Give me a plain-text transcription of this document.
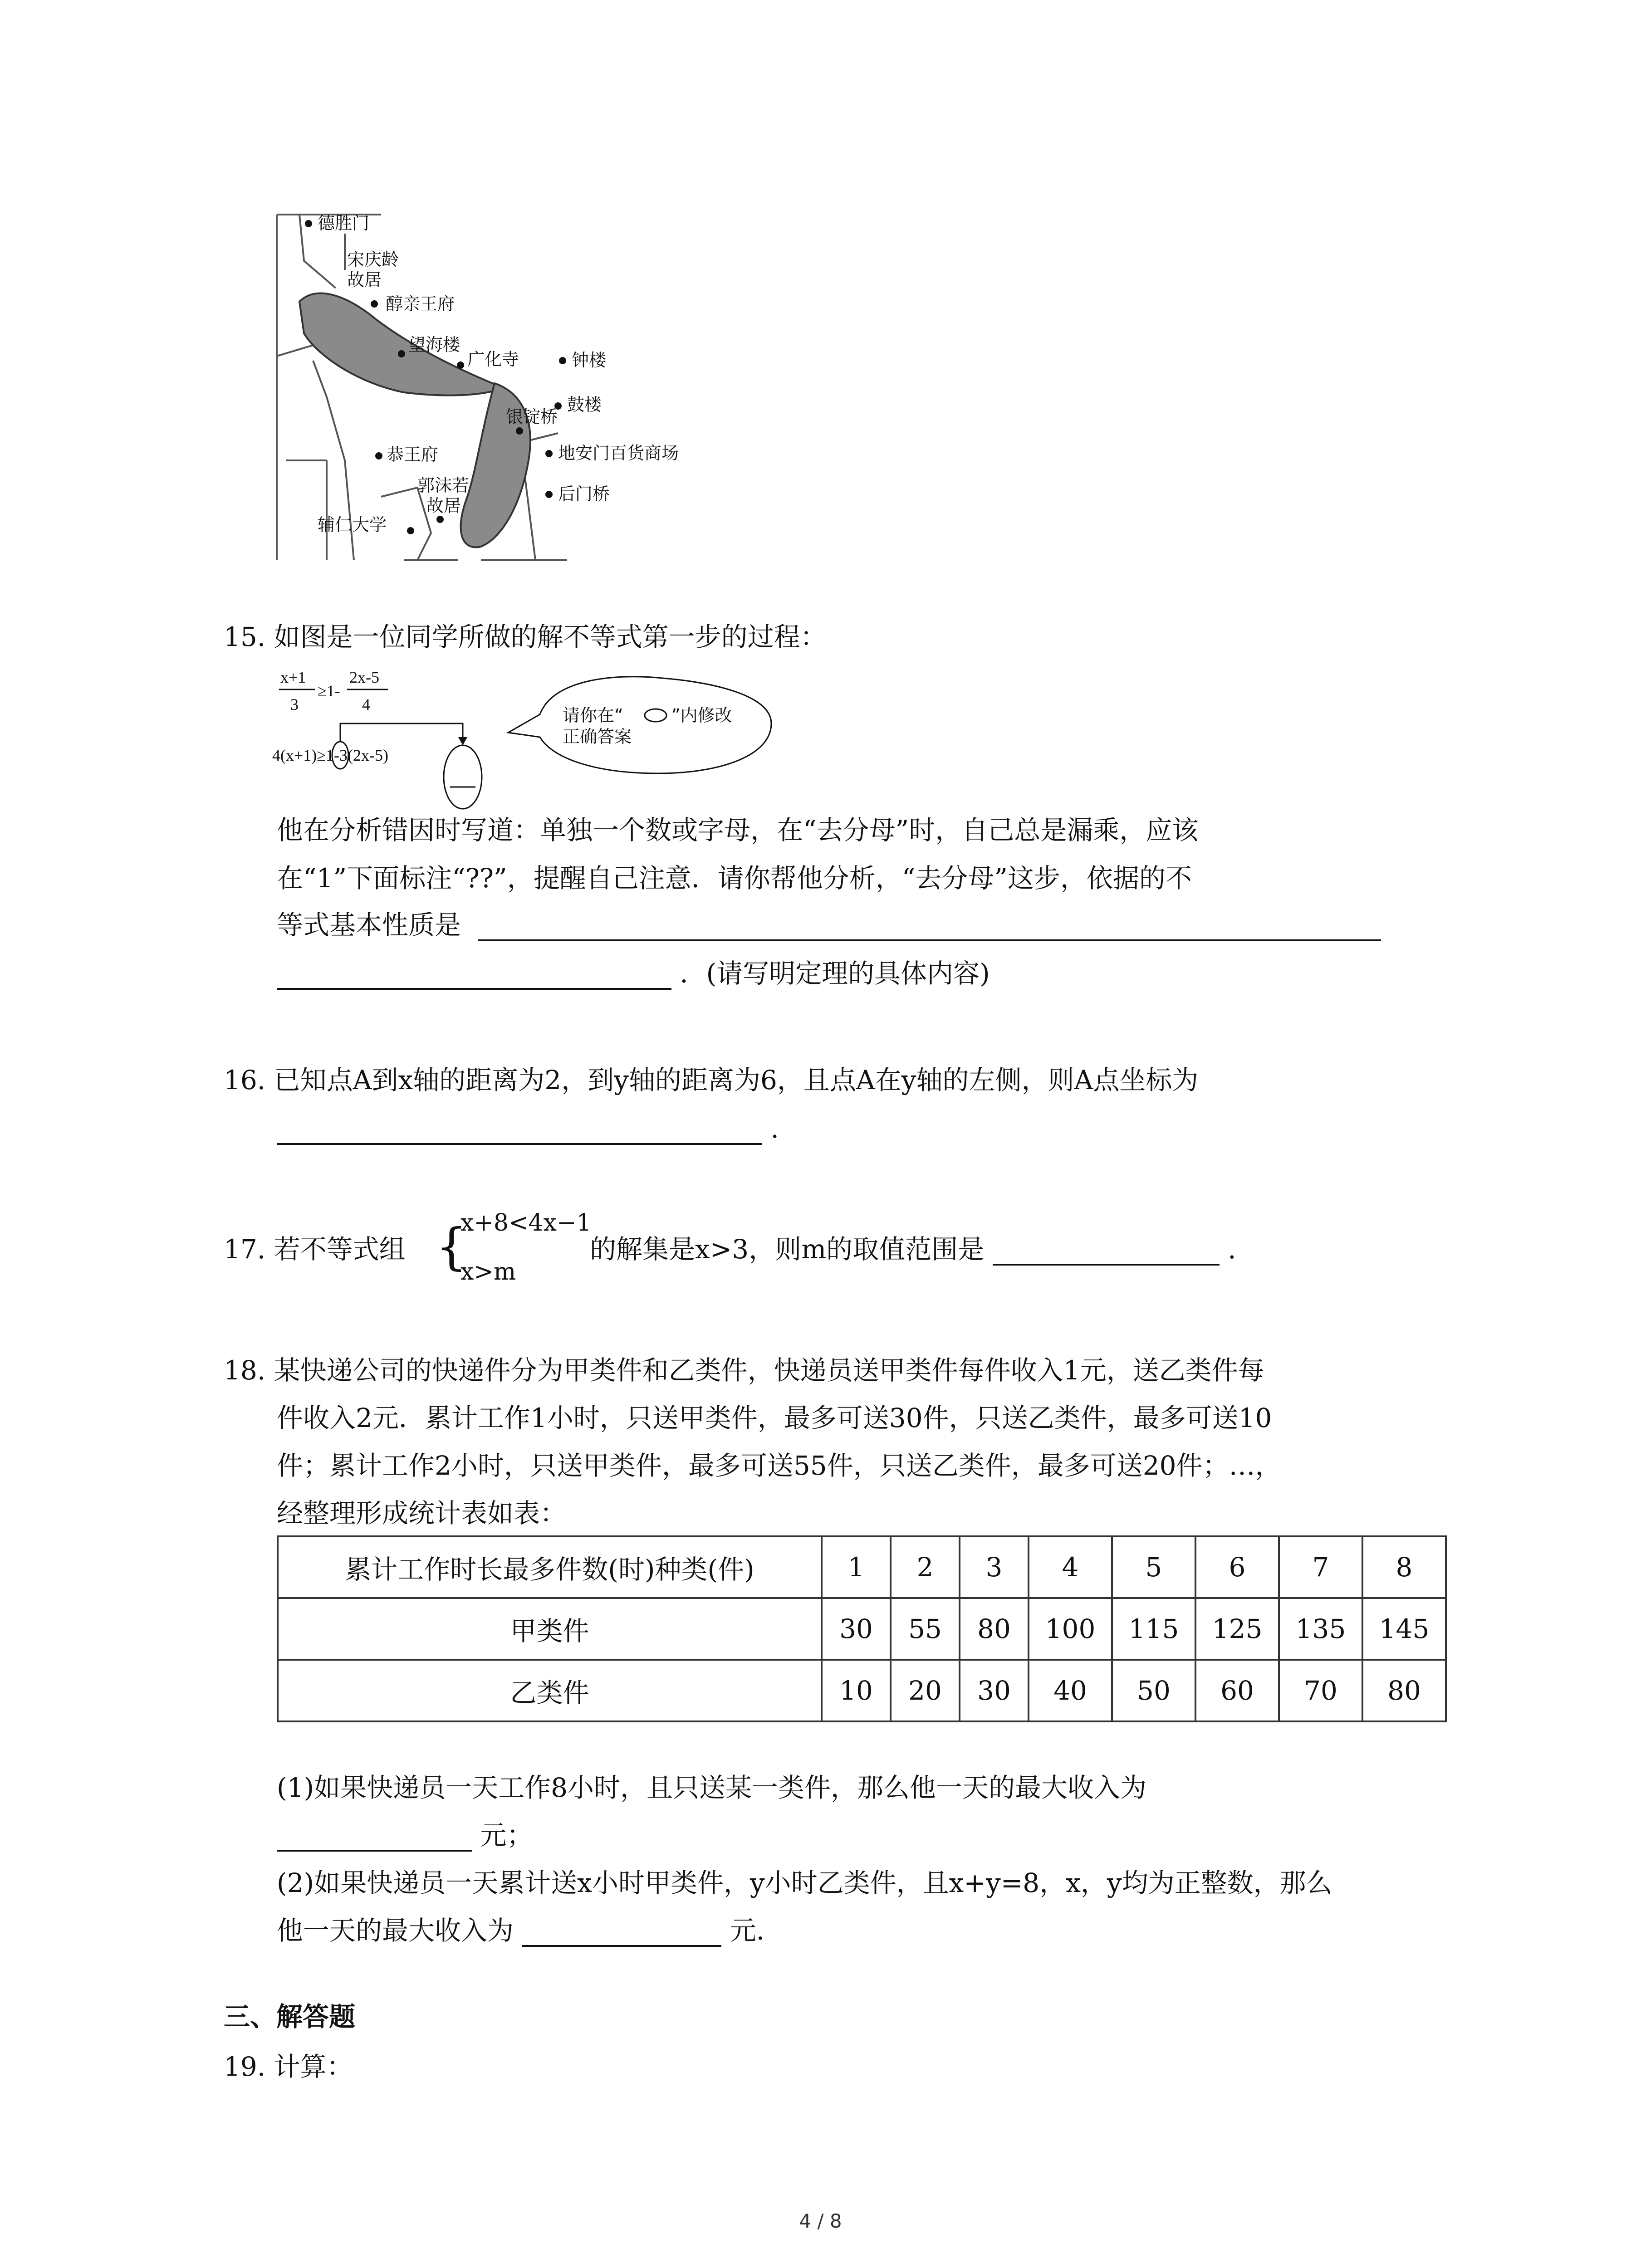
德胜门
宋庆龄
故居
醇亲王府
望海楼
广化寺	钟楼
鼓楼
银锭桥
恭王府	地安门百货商场
郭沫若
故居
后门桥
辅仁大学
15. 如图是一位同学所做的解不等式第一步的过程：
x+1
3
≥1-
2x-5
4
4(x+1)≥1-3(2x-5)
请你在“	”内修改
正确答案
他在分析错因时写道：单独一个数或字母，在“去分母”时，自己总是漏乘，应该
在“1”下面标注“??”，提醒自己注意．请你帮他分析，“去分母”这步，依据的不
等式基本性质是
．(请写明定理的具体内容)
16. 已知点A到x轴的距离为2，到y轴的距离为6，且点A在y轴的左侧，则A点坐标为
.
17. 若不等式组 {
x+8<4x−1
x>m
的解集是x>3，则m的取值范围是	.
18. 某快递公司的快递件分为甲类件和乙类件，快递员送甲类件每件收入1元，送乙类件每
件收入2元．累计工作1小时，只送甲类件，最多可送30件，只送乙类件，最多可送10
件；累计工作2小时，只送甲类件，最多可送55件，只送乙类件，最多可送20件；…，
经整理形成统计表如表：
累计工作时长最多件数(时)种类(件)	1	2	3	4	5	6	7	8
甲类件	30	55	80	100	115	125	135	145
乙类件	10	20	30	40	50	60	70	80
(1)如果快递员一天工作8小时，且只送某一类件，那么他一天的最大收入为
元；
(2)如果快递员一天累计送x小时甲类件，y小时乙类件，且x+y=8，x，y均为正整数，那么
他一天的最大收入为	元．
三、解答题
19. 计算：
4 / 8
